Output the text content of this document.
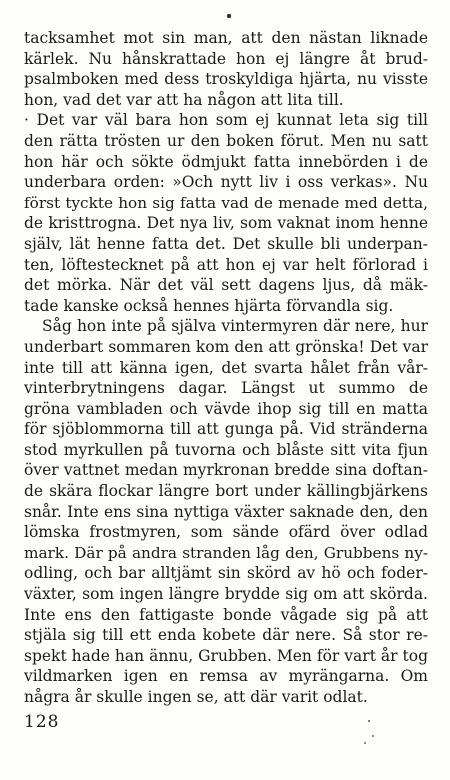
tacksamhet mot sin man, att den nästan liknade
kärlek. Nu hånskrattade hon ej längre åt brud-
psalmboken med dess troskyldiga hjärta, nu visste
hon, vad det var att ha någon att lita till.
· Det var väl bara hon som ej kunnat leta sig till
den rätta trösten ur den boken förut. Men nu satt
hon här och sökte ödmjukt fatta innebörden i de
underbara orden: »Och nytt liv i oss verkas». Nu
först tyckte hon sig fatta vad de menade med detta,
de kristtrogna. Det nya liv, som vaknat inom henne
själv, lät henne fatta det. Det skulle bli underpan-
ten, löftestecknet på att hon ej var helt förlorad i
det mörka. När det väl sett dagens ljus, då mäk-
tade kanske också hennes hjärta förvandla sig.
Såg hon inte på själva vintermyren där nere, hur
underbart sommaren kom den att grönska! Det var
inte till att känna igen, det svarta hålet från vår-
vinterbrytningens dagar. Längst ut summo de
gröna vambladen och vävde ihop sig till en matta
för sjöblommorna till att gunga på. Vid stränderna
stod myrkullen på tuvorna och blåste sitt vita fjun
över vattnet medan myrkronan bredde sina doftan-
de skära flockar längre bort under källingbjärkens
snår. Inte ens sina nyttiga växter saknade den, den
lömska frostmyren, som sände ofärd över odlad
mark. Där på andra stranden låg den, Grubbens ny-
odling, och bar alltjämt sin skörd av hö och foder-
växter, som ingen längre brydde sig om att skörda.
Inte ens den fattigaste bonde vågade sig på att
stjäla sig till ett enda kobete där nere. Så stor re-
spekt hade han ännu, Grubben. Men för vart år tog
vildmarken igen en remsa av myrängarna. Om
några år skulle ingen se, att där varit odlat.
128
